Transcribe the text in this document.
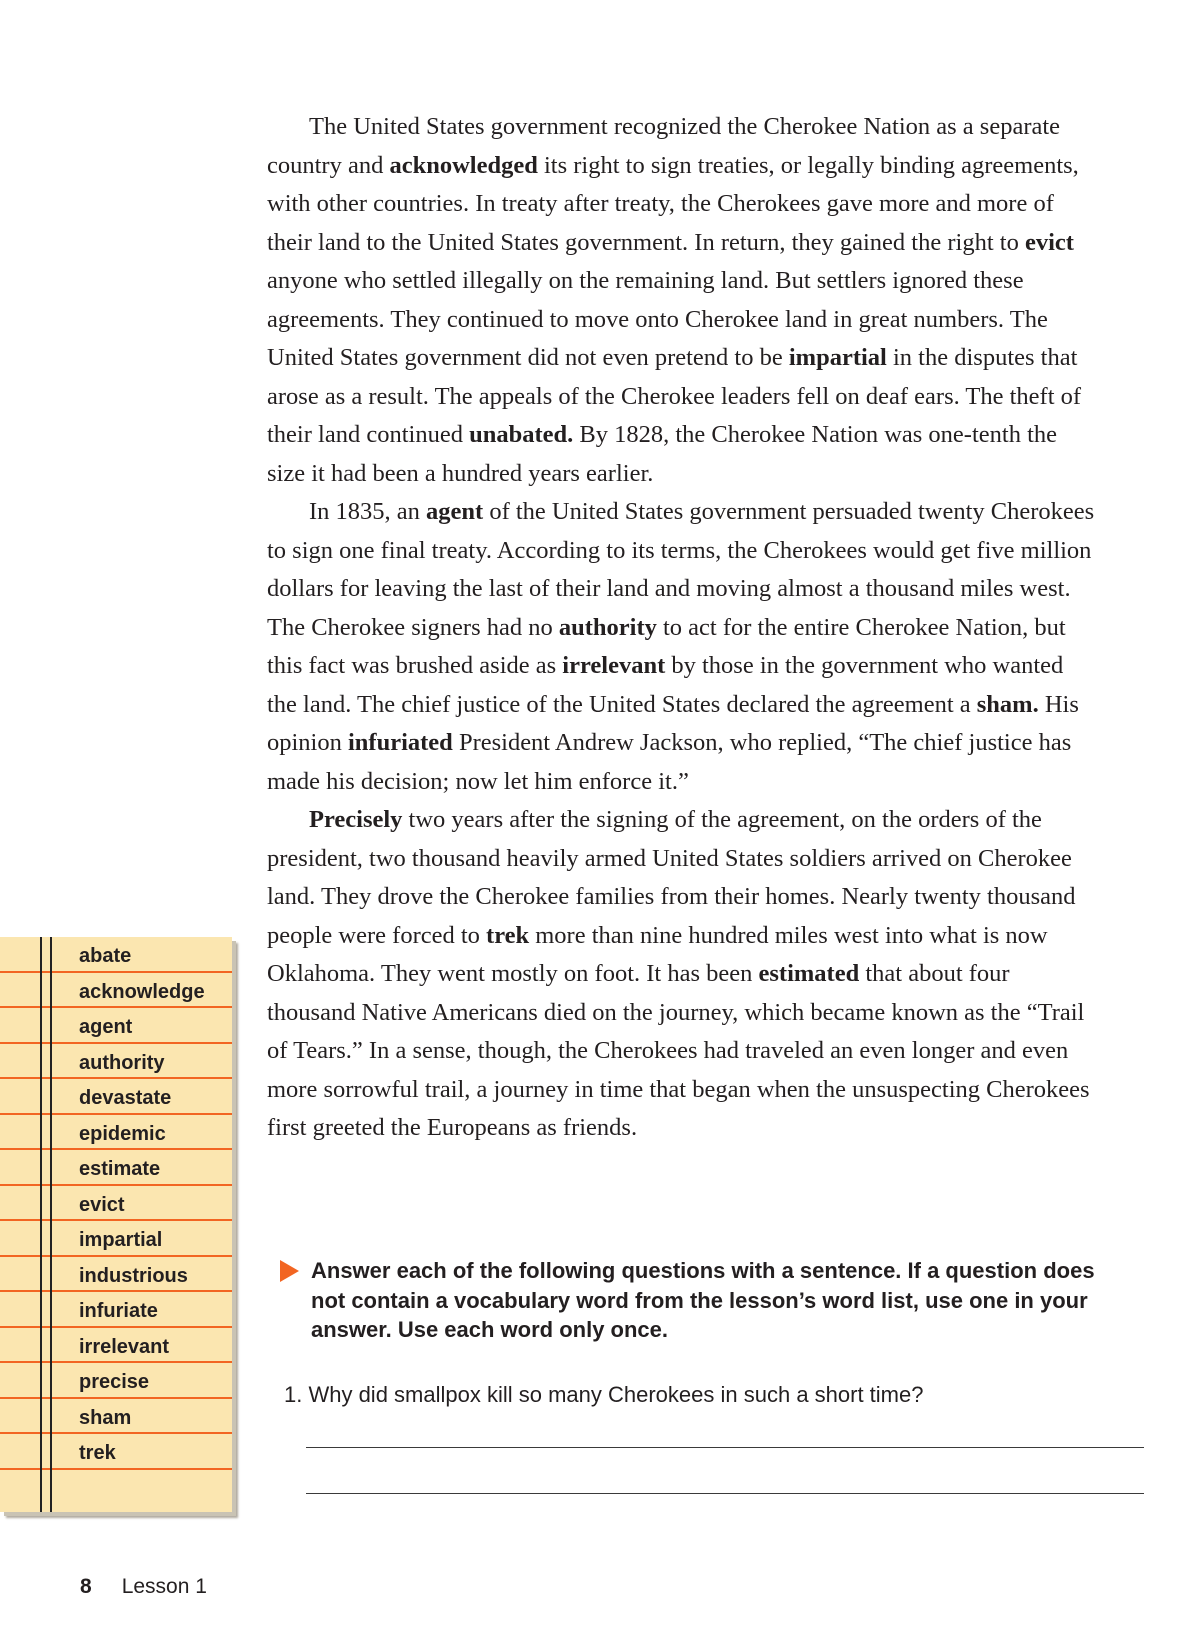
The United States government recognized the Cherokee Nation as a separate country and acknowledged its right to sign treaties, or legally binding agreements, with other countries. In treaty after treaty, the Cherokees gave more and more of their land to the United States government. In return, they gained the right to evict anyone who settled illegally on the remaining land. But settlers ignored these agreements. They continued to move onto Cherokee land in great numbers. The United States government did not even pretend to be impartial in the disputes that arose as a result. The appeals of the Cherokee leaders fell on deaf ears. The theft of their land continued unabated. By 1828, the Cherokee Nation was one-tenth the size it had been a hundred years earlier.

In 1835, an agent of the United States government persuaded twenty Cherokees to sign one final treaty. According to its terms, the Cherokees would get five million dollars for leaving the last of their land and moving almost a thousand miles west. The Cherokee signers had no authority to act for the entire Cherokee Nation, but this fact was brushed aside as irrelevant by those in the government who wanted the land. The chief justice of the United States declared the agreement a sham. His opinion infuriated President Andrew Jackson, who replied, “The chief justice has made his decision; now let him enforce it.”

Precisely two years after the signing of the agreement, on the orders of the president, two thousand heavily armed United States soldiers arrived on Cherokee land. They drove the Cherokee families from their homes. Nearly twenty thousand people were forced to trek more than nine hundred miles west into what is now Oklahoma. They went mostly on foot. It has been estimated that about four thousand Native Americans died on the journey, which became known as the “Trail of Tears.” In a sense, though, the Cherokees had traveled an even longer and even more sorrowful trail, a journey in time that began when the unsuspecting Cherokees first greeted the Europeans as friends.

Answer each of the following questions with a sentence. If a question does not contain a vocabulary word from the lesson’s word list, use one in your answer. Use each word only once.
1. Why did smallpox kill so many Cherokees in such a short time?
abate
acknowledge
agent
authority
devastate
epidemic
estimate
evict
impartial
industrious
infuriate
irrelevant
precise
sham
trek
8 Lesson 1
